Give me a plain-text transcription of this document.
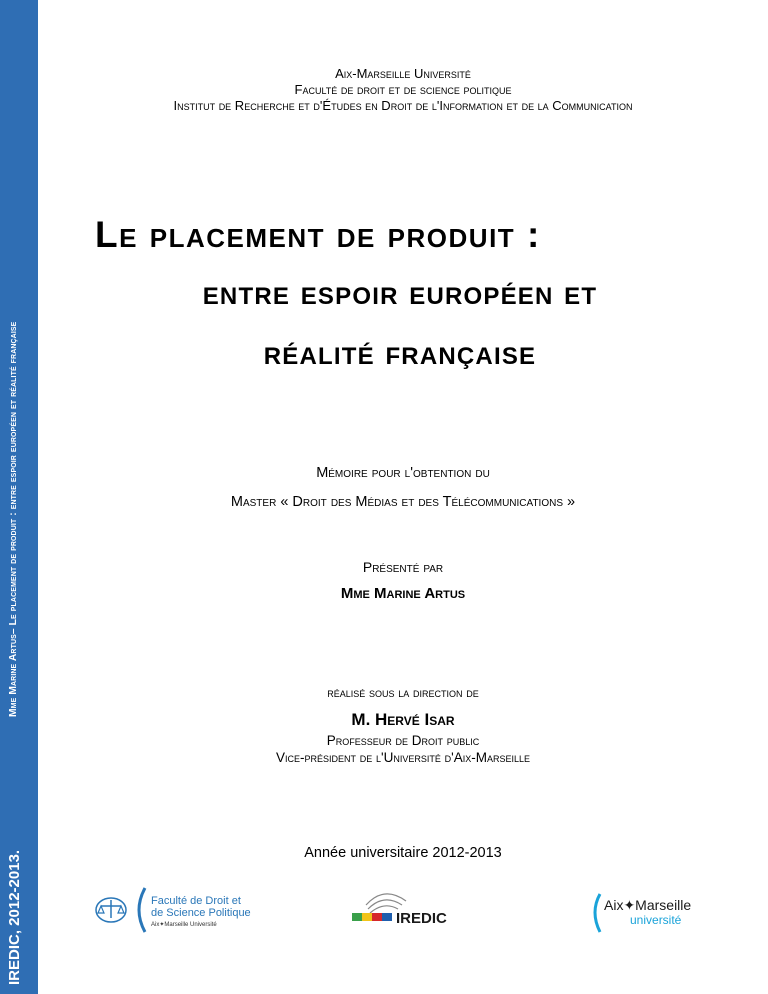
Mme Marine Artus– Le placement de produit : entre espoir européen et réalité française
IREDIC, 2012-2013.
Aix-Marseille Université
Faculté de droit et de science politique
Institut de Recherche et d'Études en Droit de l'Information et de la Communication
Le placement de produit :
entre espoir européen et
réalité française
Mémoire pour l'obtention du
Master « Droit des Médias et des Télécommunications »
Présenté par
Mme Marine Artus
réalisé sous la direction de
M. Hervé Isar
Professeur de Droit public
Vice-président de l'Université d'Aix-Marseille
Année universitaire 2012-2013
Faculté de Droit et
de Science Politique
Aix✦Marseille Université	IREDIC
Aix✦Marseille
université
